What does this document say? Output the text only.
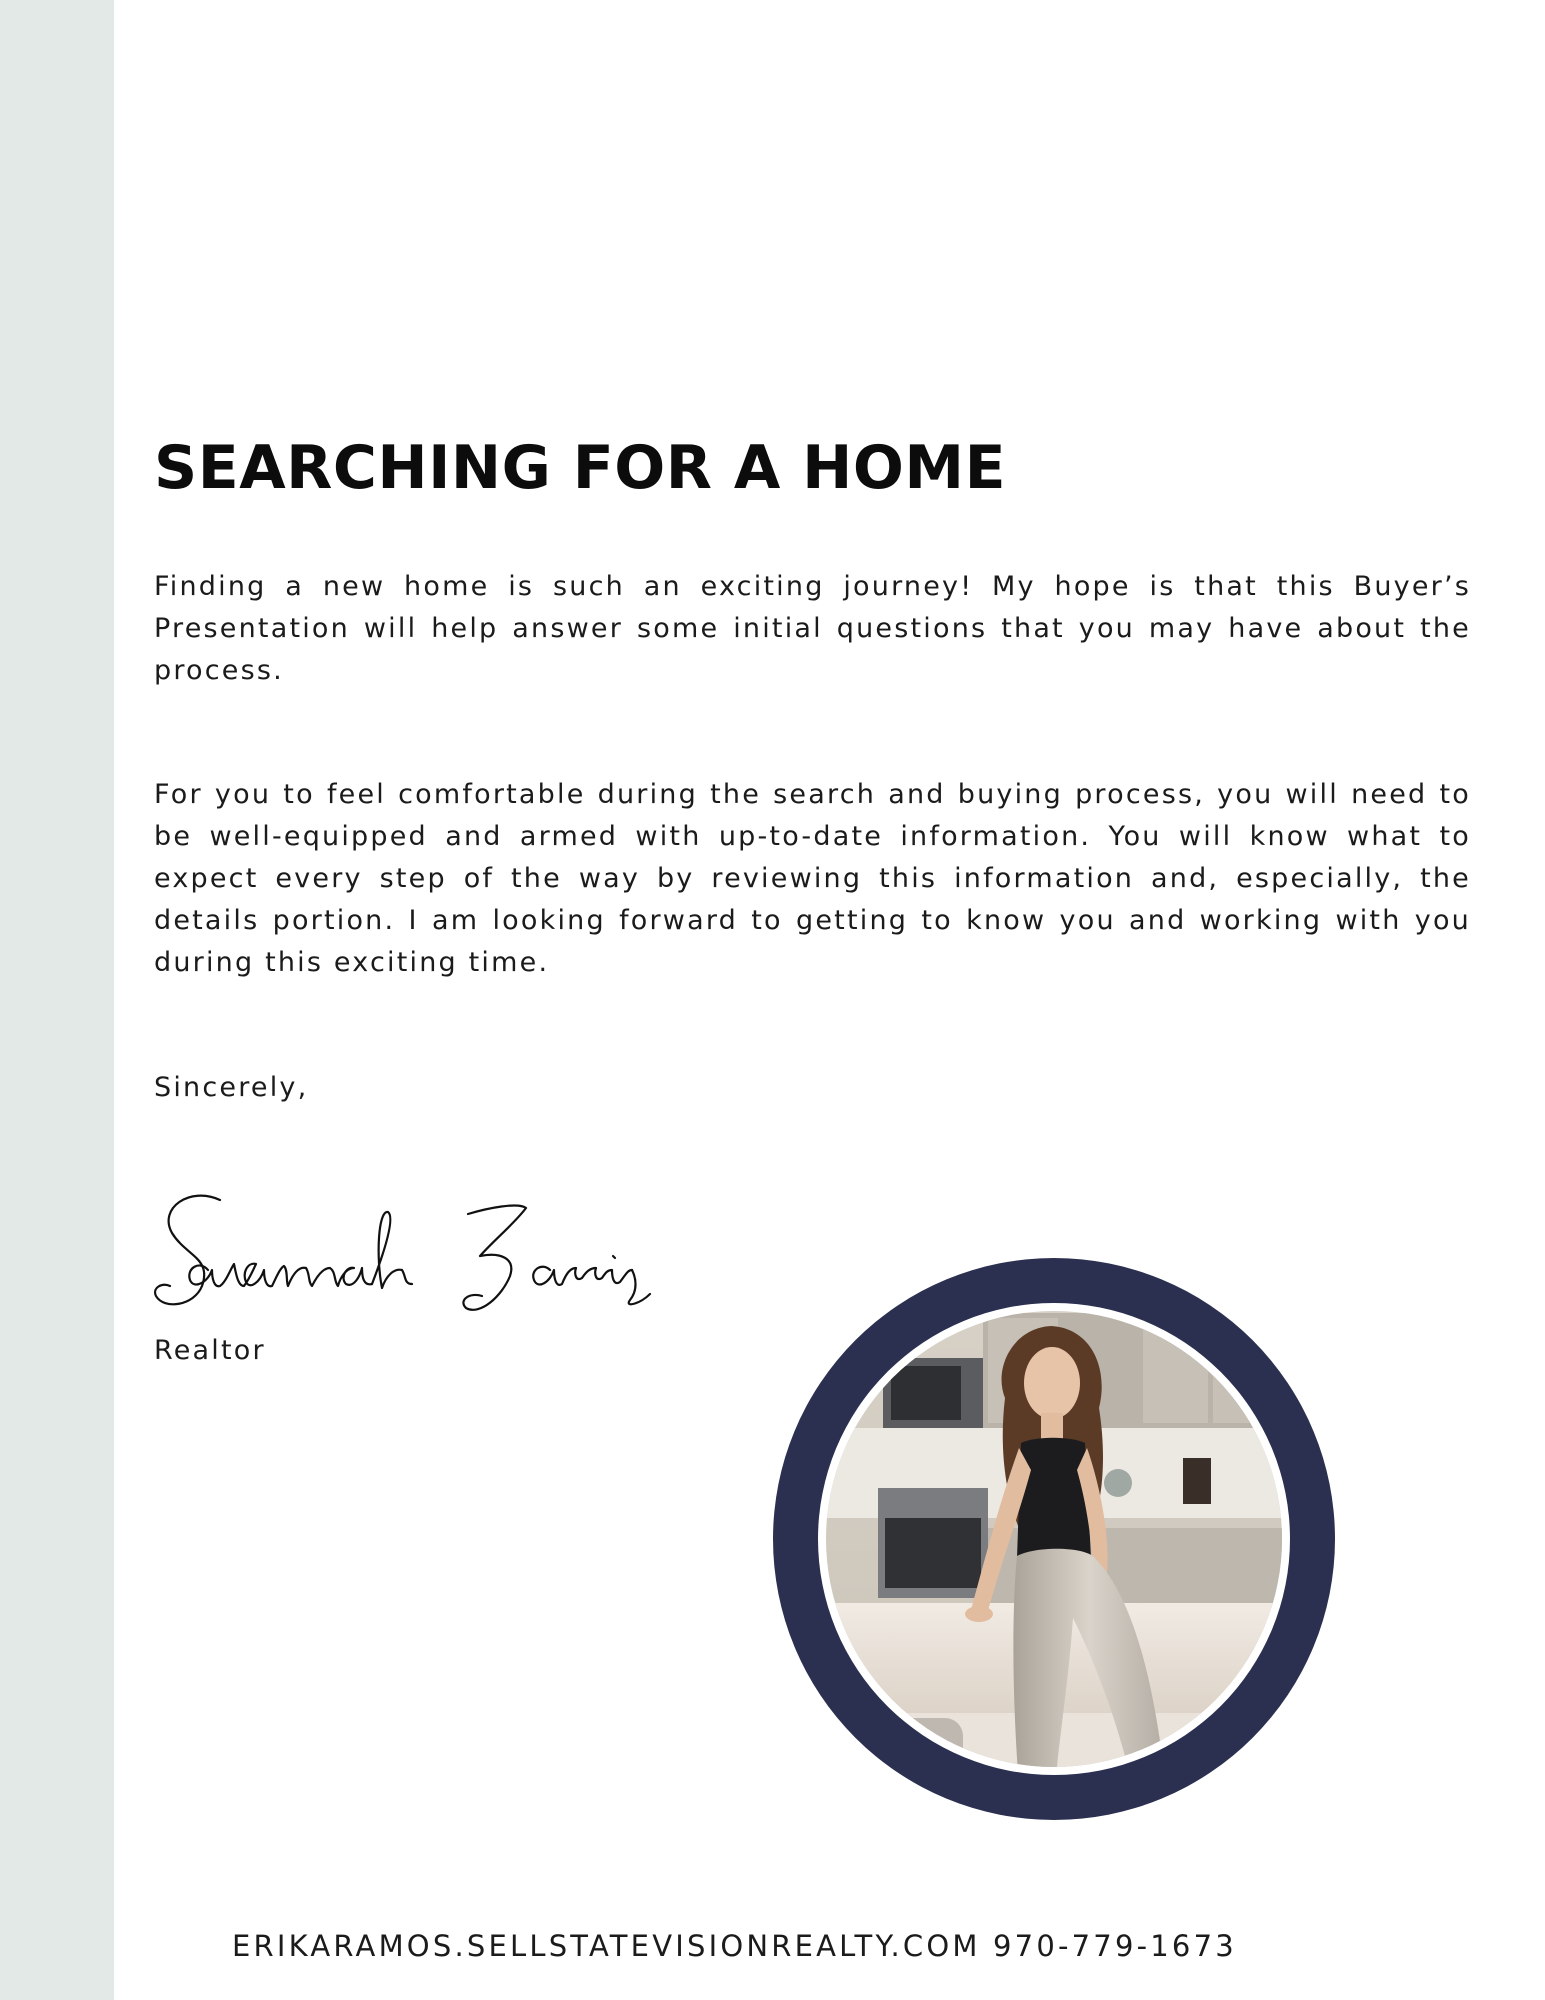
SEARCHING FOR A HOME

Finding a new home is such an exciting journey! My hope is that this Buyer’s Presentation will help answer some initial questions that you may have about the process.

For you to feel comfortable during the search and buying process, you will need to be well-equipped and armed with up-to-date information. You will know what to expect every step of the way by reviewing this information and, especially, the details portion. I am looking forward to getting to know you and working with you during this exciting time.

Sincerely,

Realtor

ERIKARAMOS.SELLSTATEVISIONREALTY.COM 970-779-1673
